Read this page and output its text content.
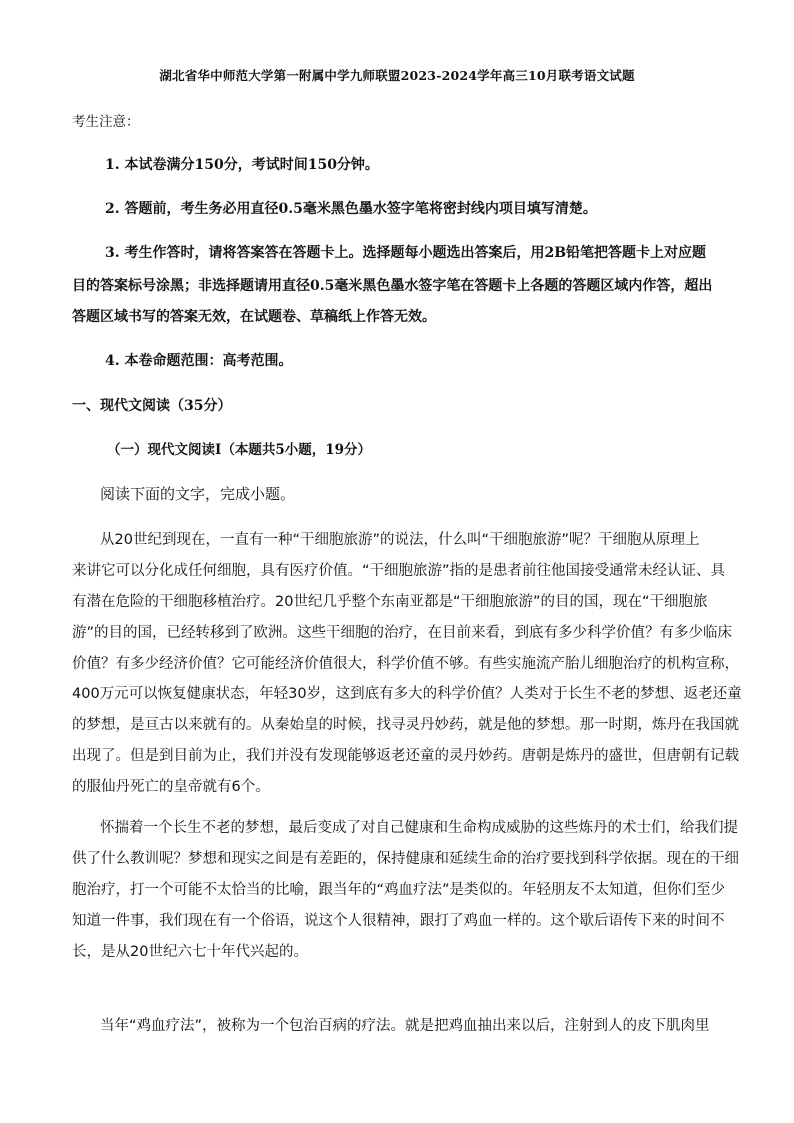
湖北省华中师范大学第一附属中学九师联盟2023-2024学年高三10月联考语文试题
考生注意：
1. 本试卷满分150分，考试时间150分钟。
2. 答题前，考生务必用直径0.5毫米黑色墨水签字笔将密封线内项目填写清楚。
3. 考生作答时，请将答案答在答题卡上。选择题每小题选出答案后，用2B铅笔把答题卡上对应题
目的答案标号涂黑；非选择题请用直径0.5毫米黑色墨水签字笔在答题卡上各题的答题区域内作答，超出
答题区域书写的答案无效，在试题卷、草稿纸上作答无效。
4. 本卷命题范围：高考范围。
一、现代文阅读（35分）
（一）现代文阅读Ⅰ（本题共5小题，19分）
阅读下面的文字，完成小题。
从20世纪到现在，一直有一种“干细胞旅游”的说法，什么叫“干细胞旅游”呢？干细胞从原理上
来讲它可以分化成任何细胞，具有医疗价值。“干细胞旅游”指的是患者前往他国接受通常未经认证、具
有潜在危险的干细胞移植治疗。20世纪几乎整个东南亚都是“干细胞旅游”的目的国，现在“干细胞旅
游”的目的国，已经转移到了欧洲。这些干细胞的治疗，在目前来看，到底有多少科学价值？有多少临床
价值？有多少经济价值？它可能经济价值很大，科学价值不够。有些实施流产胎儿细胞治疗的机构宣称，
400万元可以恢复健康状态，年轻30岁，这到底有多大的科学价值？人类对于长生不老的梦想、返老还童
的梦想，是亘古以来就有的。从秦始皇的时候，找寻灵丹妙药，就是他的梦想。那一时期，炼丹在我国就
出现了。但是到目前为止，我们并没有发现能够返老还童的灵丹妙药。唐朝是炼丹的盛世，但唐朝有记载
的服仙丹死亡的皇帝就有6个。
怀揣着一个长生不老的梦想，最后变成了对自己健康和生命构成威胁的这些炼丹的术士们，给我们提
供了什么教训呢？梦想和现实之间是有差距的，保持健康和延续生命的治疗要找到科学依据。现在的干细
胞治疗，打一个可能不太恰当的比喻，跟当年的“鸡血疗法”是类似的。年轻朋友不太知道，但你们至少
知道一件事，我们现在有一个俗语，说这个人很精神，跟打了鸡血一样的。这个歇后语传下来的时间不
长，是从20世纪六七十年代兴起的。
当年“鸡血疗法”，被称为一个包治百病的疗法。就是把鸡血抽出来以后，注射到人的皮下肌肉里
